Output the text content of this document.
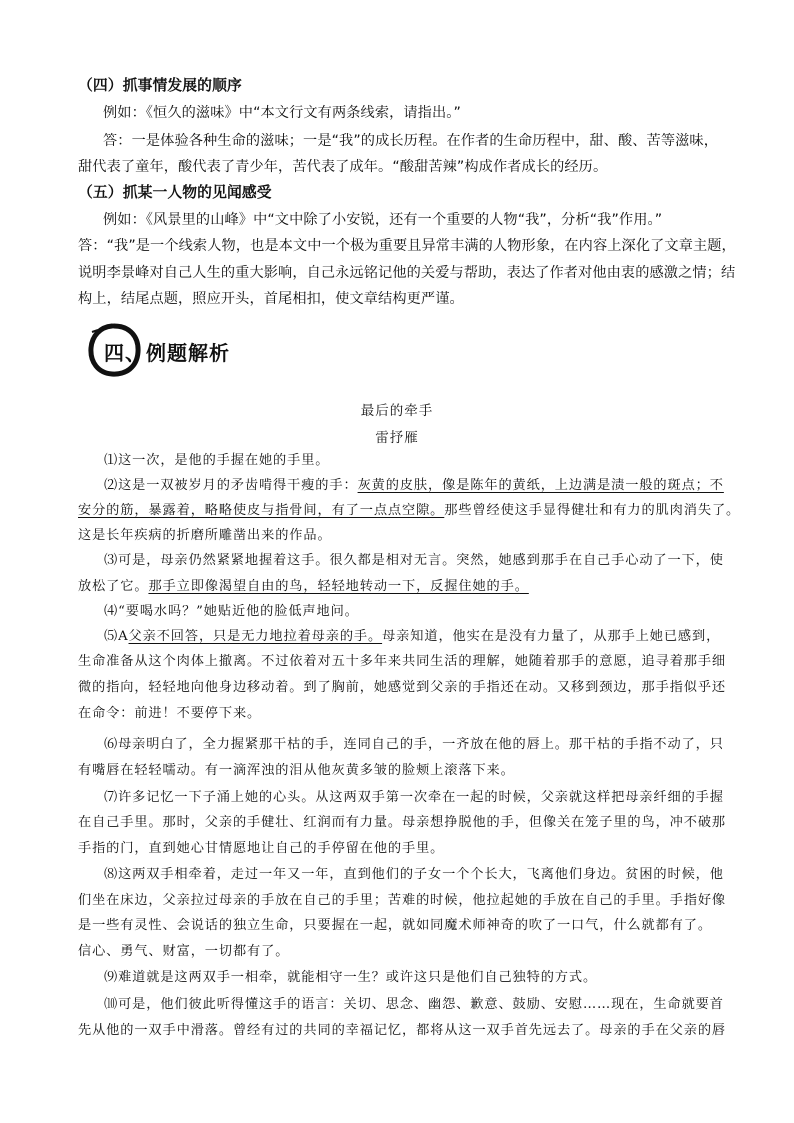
（四）抓事情发展的顺序
例如：《恒久的滋味》中“本文行文有两条线索，请指出。”
答：一是体验各种生命的滋味；一是“我”的成长历程。在作者的生命历程中，甜、酸、苦等滋味，
甜代表了童年，酸代表了青少年，苦代表了成年。“酸甜苦辣”构成作者成长的经历。
（五）抓某一人物的见闻感受
例如：《风景里的山峰》中“文中除了小安锐，还有一个重要的人物“我”，分析“我”作用。”
答：“我”是一个线索人物，也是本文中一个极为重要且异常丰满的人物形象，在内容上深化了文章主题，
说明李景峰对自己人生的重大影响，自己永远铭记他的关爱与帮助，表达了作者对他由衷的感激之情；结
构上，结尾点题，照应开头，首尾相扣，使文章结构更严谨。
四、例题解析
最后的牵手
雷抒雁
⑴这一次，是他的手握在她的手里。
⑵这是一双被岁月的矛齿啃得干瘦的手：灰黄的皮肤，像是陈年的黄纸，上边满是渍一般的斑点；不
安分的筋，暴露着，略略使皮与指骨间，有了一点点空隙。那些曾经使这手显得健壮和有力的肌肉消失了。
这是长年疾病的折磨所雕凿出来的作品。
⑶可是，母亲仍然紧紧地握着这手。很久都是相对无言。突然，她感到那手在自己手心动了一下，使
放松了它。那手立即像渴望自由的鸟，轻轻地转动一下，反握住她的手。
⑷“要喝水吗？”她贴近他的脸低声地问。
⑸A父亲不回答，只是无力地拉着母亲的手。母亲知道，他实在是没有力量了，从那手上她已感到，
生命准备从这个肉体上撤离。不过依着对五十多年来共同生活的理解，她随着那手的意愿，追寻着那手细
微的指向，轻轻地向他身边移动着。到了胸前，她感觉到父亲的手指还在动。又移到颈边，那手指似乎还
在命令：前进！不要停下来。
⑹母亲明白了，全力握紧那干枯的手，连同自己的手，一齐放在他的唇上。那干枯的手指不动了，只
有嘴唇在轻轻嚅动。有一滴浑浊的泪从他灰黄多皱的脸颊上滚落下来。
⑺许多记忆一下子涌上她的心头。从这两双手第一次牵在一起的时候，父亲就这样把母亲纤细的手握
在自己手里。那时，父亲的手健壮、红润而有力量。母亲想挣脱他的手，但像关在笼子里的鸟，冲不破那
手指的门，直到她心甘情愿地让自己的手停留在他的手里。
⑻这两双手相牵着，走过一年又一年，直到他们的子女一个个长大，飞离他们身边。贫困的时候，他
们坐在床边，父亲拉过母亲的手放在自己的手里；苦难的时候，他拉起她的手放在自己的手里。手指好像
是一些有灵性、会说话的独立生命，只要握在一起，就如同魔术师神奇的吹了一口气，什么就都有了。
信心、勇气、财富，一切都有了。
⑼难道就是这两双手一相牵，就能相守一生？或许这只是他们自己独特的方式。
⑽可是，他们彼此听得懂这手的语言：关切、思念、幽怨、歉意、鼓励、安慰……现在，生命就要首
先从他的一双手中滑落。曾经有过的共同的幸福记忆，都将从这一双手首先远去了。母亲的手在父亲的唇
